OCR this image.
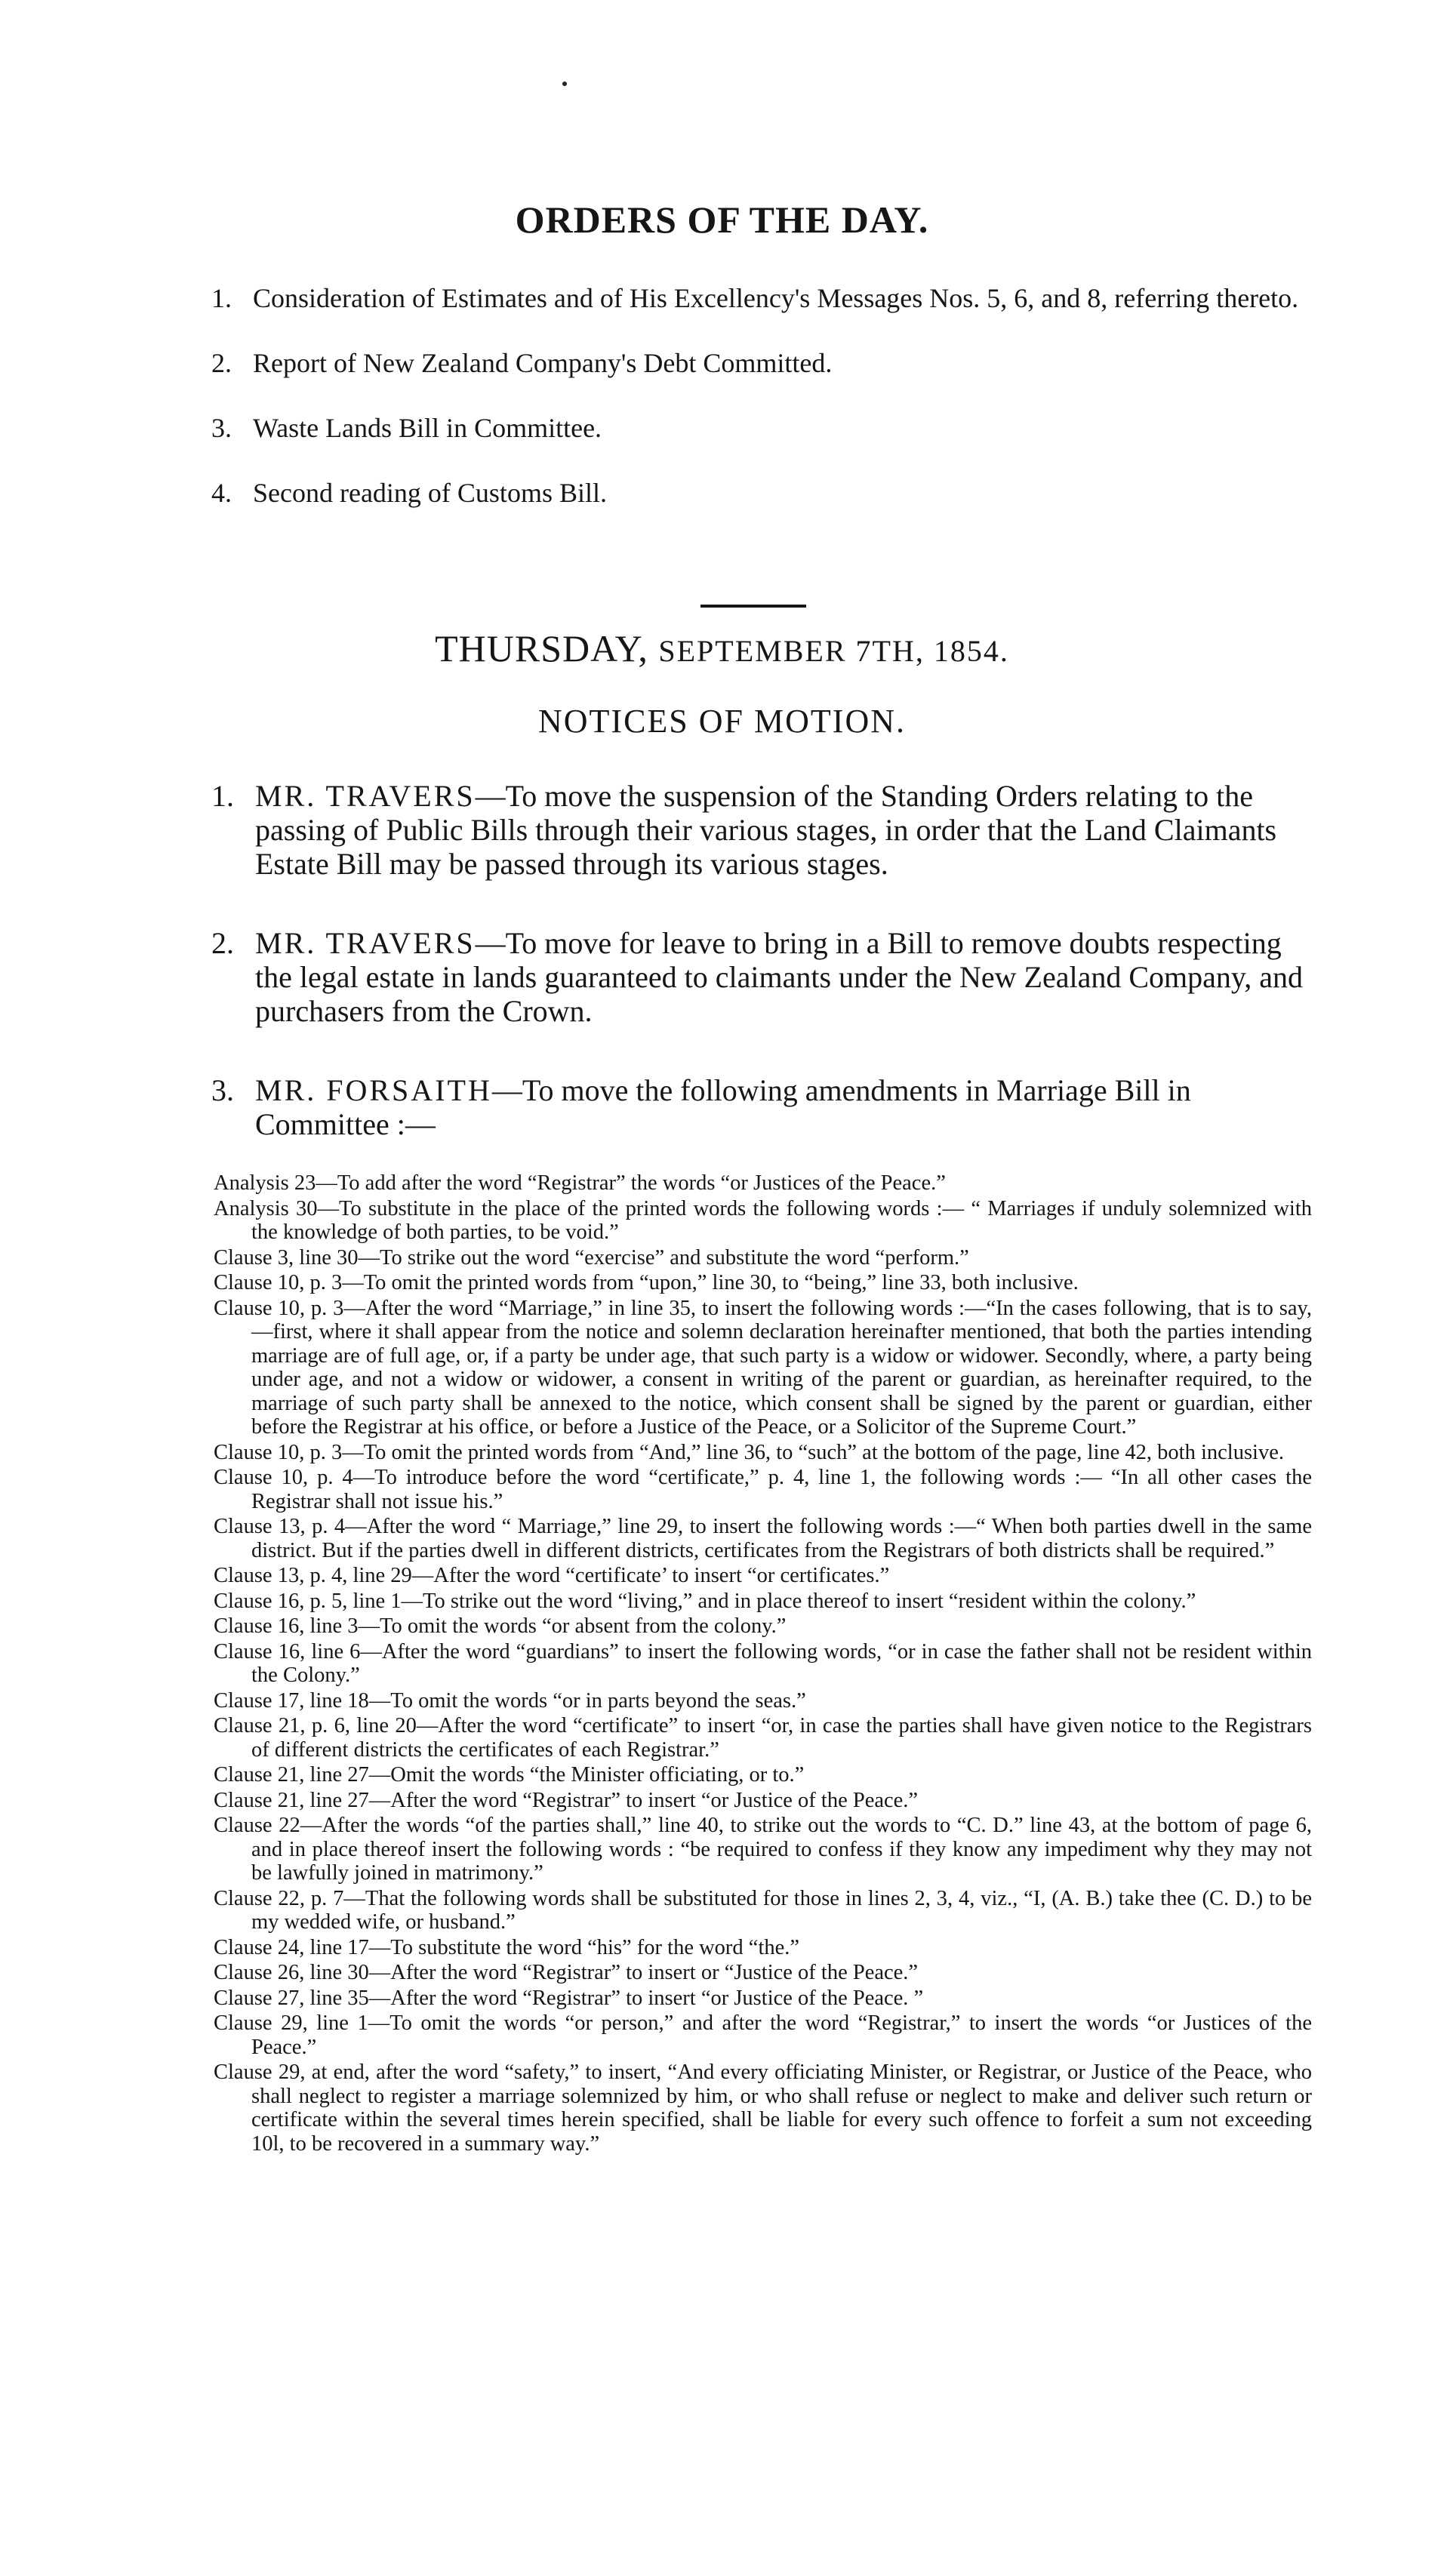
ORDERS OF THE DAY.
1. Consideration of Estimates and of His Excellency's Messages Nos. 5, 6, and 8, referring thereto.
2. Report of New Zealand Company's Debt Committed.
3. Waste Lands Bill in Committee.
4. Second reading of Customs Bill.
THURSDAY, SEPTEMBER 7TH, 1854.
NOTICES OF MOTION.
1. MR. TRAVERS—To move the suspension of the Standing Orders relating to the passing of Public Bills through their various stages, in order that the Land Claimants Estate Bill may be passed through its various stages.
2. MR. TRAVERS—To move for leave to bring in a Bill to remove doubts respecting the legal estate in lands guaranteed to claimants under the New Zealand Company, and purchasers from the Crown.
3. MR. FORSAITH—To move the following amendments in Marriage Bill in Committee :—
Analysis 23—To add after the word “Registrar” the words “or Justices of the Peace.”
Analysis 30—To substitute in the place of the printed words the following words :— “ Marriages if unduly solemnized with the knowledge of both parties, to be void.”
Clause 3, line 30—To strike out the word “exercise” and substitute the word “perform.”
Clause 10, p. 3—To omit the printed words from “upon,” line 30, to “being,” line 33, both inclusive.
Clause 10, p. 3—After the word “Marriage,” in line 35, to insert the following words :—“In the cases following, that is to say,—first, where it shall appear from the notice and solemn declaration hereinafter mentioned, that both the parties intending marriage are of full age, or, if a party be under age, that such party is a widow or widower. Secondly, where, a party being under age, and not a widow or widower, a consent in writing of the parent or guardian, as hereinafter required, to the marriage of such party shall be annexed to the notice, which consent shall be signed by the parent or guardian, either before the Registrar at his office, or before a Justice of the Peace, or a Solicitor of the Supreme Court.”
Clause 10, p. 3—To omit the printed words from “And,” line 36, to “such” at the bottom of the page, line 42, both inclusive.
Clause 10, p. 4—To introduce before the word “certificate,” p. 4, line 1, the following words :— “In all other cases the Registrar shall not issue his.”
Clause 13, p. 4—After the word “ Marriage,” line 29, to insert the following words :—“ When both parties dwell in the same district. But if the parties dwell in different districts, certificates from the Registrars of both districts shall be required.”
Clause 13, p. 4, line 29—After the word “certificate’ to insert “or certificates.”
Clause 16, p. 5, line 1—To strike out the word “living,” and in place thereof to insert “resident within the colony.”
Clause 16, line 3—To omit the words “or absent from the colony.”
Clause 16, line 6—After the word “guardians” to insert the following words, “or in case the father shall not be resident within the Colony.”
Clause 17, line 18—To omit the words “or in parts beyond the seas.”
Clause 21, p. 6, line 20—After the word “certificate” to insert “or, in case the parties shall have given notice to the Registrars of different districts the certificates of each Registrar.”
Clause 21, line 27—Omit the words “the Minister officiating, or to.”
Clause 21, line 27—After the word “Registrar” to insert “or Justice of the Peace.”
Clause 22—After the words “of the parties shall,” line 40, to strike out the words to “C. D.” line 43, at the bottom of page 6, and in place thereof insert the following words : “be required to confess if they know any impediment why they may not be lawfully joined in matrimony.”
Clause 22, p. 7—That the following words shall be substituted for those in lines 2, 3, 4, viz., “I, (A. B.) take thee (C. D.) to be my wedded wife, or husband.”
Clause 24, line 17—To substitute the word “his” for the word “the.”
Clause 26, line 30—After the word “Registrar” to insert or “Justice of the Peace.”
Clause 27, line 35—After the word “Registrar” to insert “or Justice of the Peace. ”
Clause 29, line 1—To omit the words “or person,” and after the word “Registrar,” to insert the words “or Justices of the Peace.”
Clause 29, at end, after the word “safety,” to insert, “And every officiating Minister, or Registrar, or Justice of the Peace, who shall neglect to register a marriage solemnized by him, or who shall refuse or neglect to make and deliver such return or certificate within the several times herein specified, shall be liable for every such offence to forfeit a sum not exceeding 10l, to be recovered in a summary way.”
